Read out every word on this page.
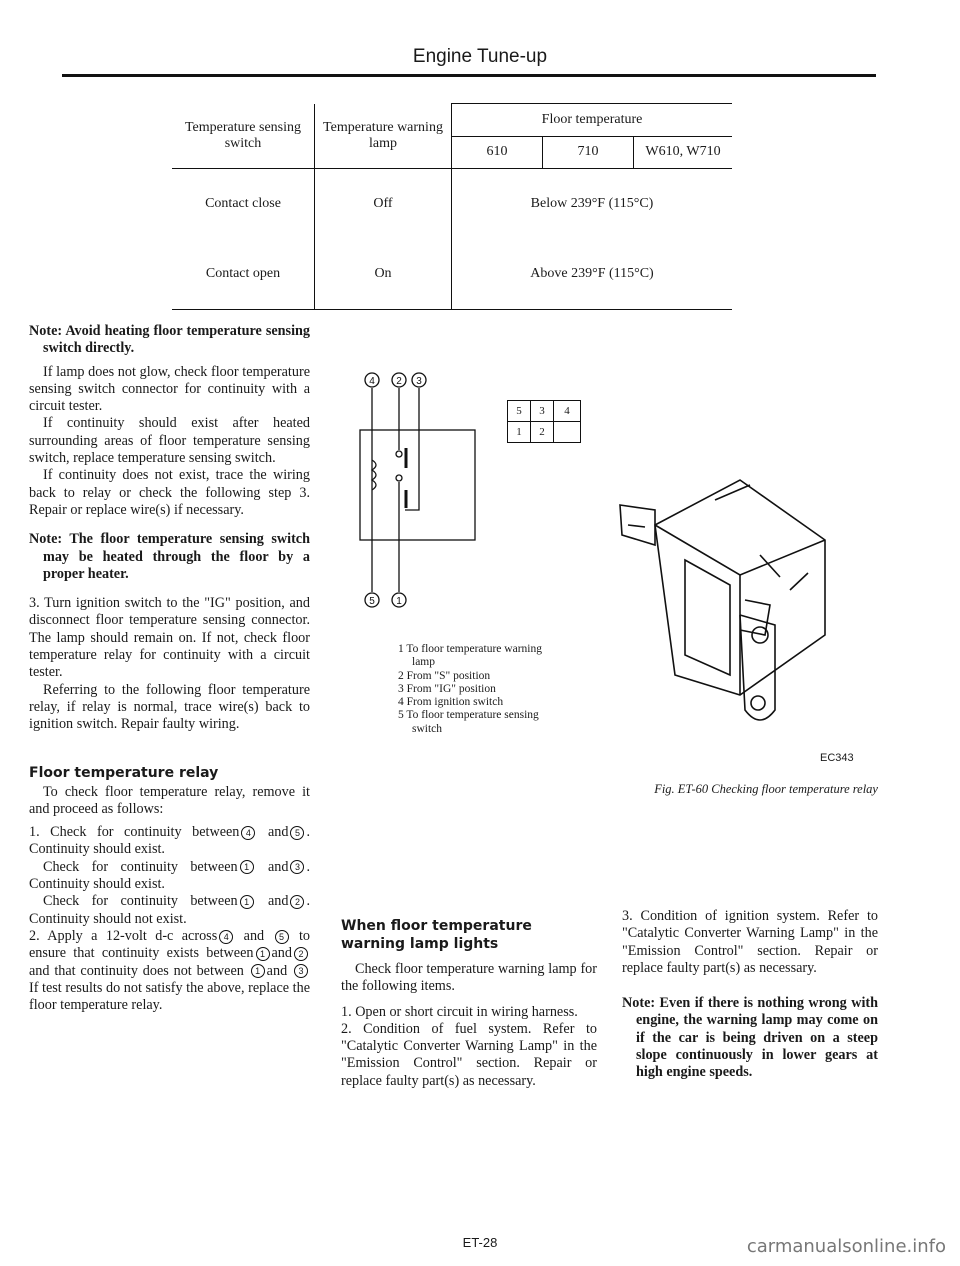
Engine Tune-up
Temperature sensing switch	Temperature warning lamp	Floor temperature		
		610	710	W610, W710
Contact close	Off	Below 239°F (115°C)		
Contact open	On	Above 239°F (115°C)		

Note: Avoid heating floor temperature sensing switch directly.

If lamp does not glow, check floor temperature sensing switch connector for continuity with a circuit tester.

If continuity should exist after heated surrounding areas of floor temperature sensing switch, replace temperature sensing switch.

If continuity does not exist, trace the wiring back to relay or check the following step 3. Repair or replace wire(s) if necessary.

Note: The floor temperature sensing switch may be heated through the floor by a proper heater.

3. Turn ignition switch to the "IG" position, and disconnect floor temperature sensing connector. The lamp should remain on. If not, check floor temperature relay for continuity with a circuit tester.

Referring to the following floor temperature relay, if relay is normal, trace wire(s) back to ignition switch. Repair faulty wiring.

Floor temperature relay

To check floor temperature relay, remove it and proceed as follows:

1. Check for continuity between 4 and 5 . Continuity should exist.

Check for continuity between 1 and 3 . Continuity should exist.

Check for continuity between 1 and 2 . Continuity should not exist.

2. Apply a 12-volt d-c across 4 and 5 to ensure that continuity exists between 1 and 2and that continuity does not between 1 and 3 If test results do not satisfy the above, replace the floor temperature relay.

4 2 3
5 1
5	3	4
1	2
1 To floor temperature warning lamp
2 From "S" position
3 From "IG" position
4 From ignition switch
5 To floor temperature sensing switch
EC343
Fig. ET-60 Checking floor temperature relay
When floor temperature warning lamp lights

Check floor temperature warning lamp for the following items.

1. Open or short circuit in wiring harness.

2. Condition of fuel system. Refer to "Catalytic Converter Warning Lamp" in the "Emission Control" section. Repair or replace faulty part(s) as necessary.

3. Condition of ignition system. Refer to "Catalytic Converter Warning Lamp" in the "Emission Control" section. Repair or replace faulty part(s) as necessary.

Note: Even if there is nothing wrong with engine, the warning lamp may come on if the car is being driven on a steep slope continuously in lower gears at high engine speeds.

ET-28	carmanualsonline.info
